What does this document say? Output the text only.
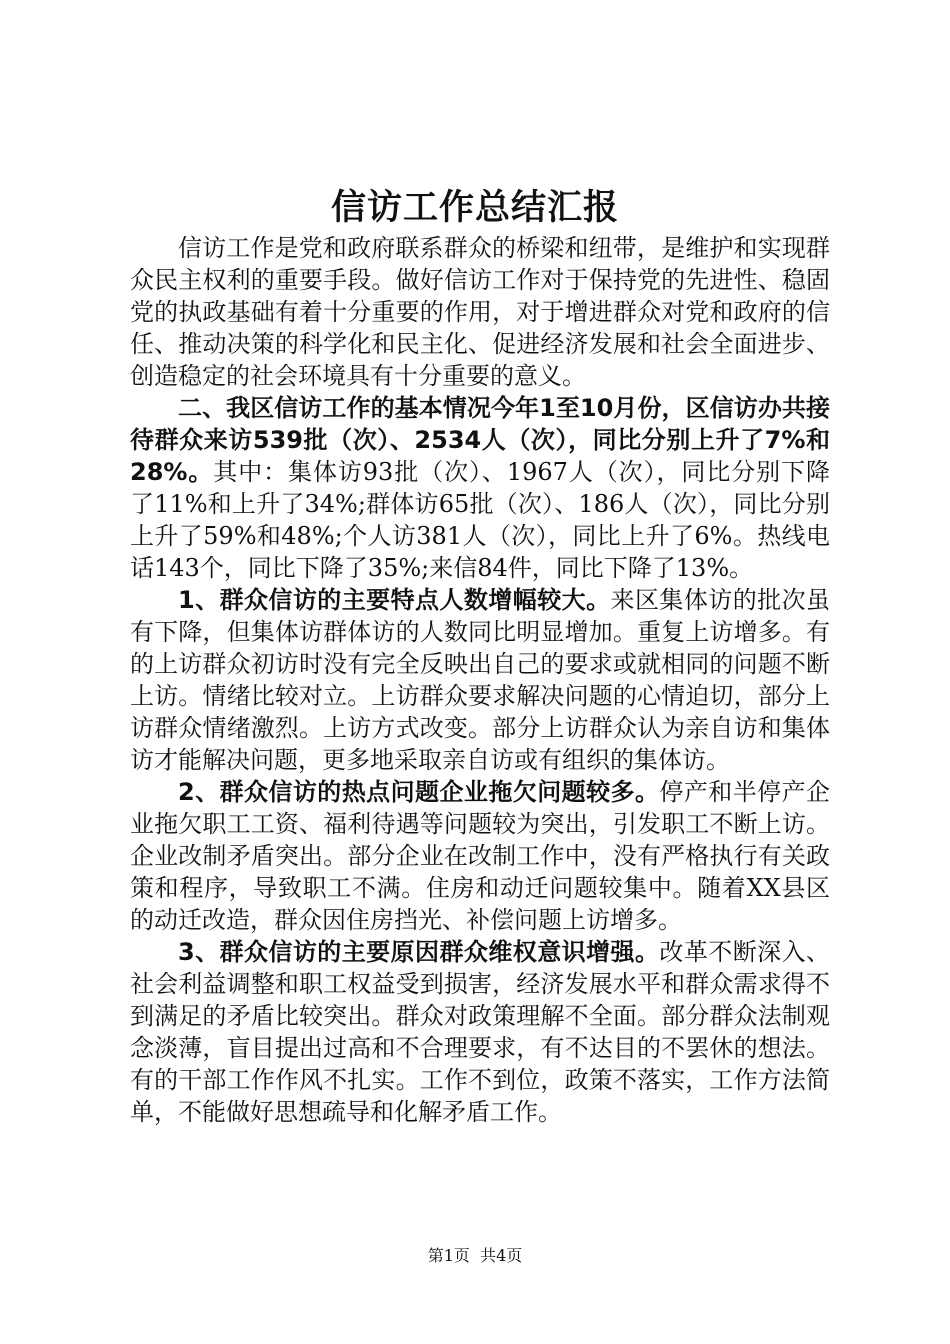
信访工作总结汇报

信访工作是党和政府联系群众的桥梁和纽带，是维护和实现群众民主权利的重要手段。做好信访工作对于保持党的先进性、稳固党的执政基础有着十分重要的作用，对于增进群众对党和政府的信任、推动决策的科学化和民主化、促进经济发展和社会全面进步、创造稳定的社会环境具有十分重要的意义。

二、我区信访工作的基本情况今年1至10月份，区信访办共接待群众来访539批（次）、2534人（次），同比分别上升了7%和28%。其中：集体访93批（次）、1967人（次），同比分别下降了11%和上升了34%;群体访65批（次）、186人（次），同比分别上升了59%和48%;个人访381人（次），同比上升了6%。热线电话143个，同比下降了35%;来信84件，同比下降了13%。

1、群众信访的主要特点人数增幅较大。来区集体访的批次虽有下降，但集体访群体访的人数同比明显增加。重复上访增多。有的上访群众初访时没有完全反映出自己的要求或就相同的问题不断上访。情绪比较对立。上访群众要求解决问题的心情迫切，部分上访群众情绪激烈。上访方式改变。部分上访群众认为亲自访和集体访才能解决问题，更多地采取亲自访或有组织的集体访。

2、群众信访的热点问题企业拖欠问题较多。停产和半停产企业拖欠职工工资、福利待遇等问题较为突出，引发职工不断上访。企业改制矛盾突出。部分企业在改制工作中，没有严格执行有关政策和程序，导致职工不满。住房和动迁问题较集中。随着XX县区的动迁改造，群众因住房挡光、补偿问题上访增多。

3、群众信访的主要原因群众维权意识增强。改革不断深入、社会利益调整和职工权益受到损害，经济发展水平和群众需求得不到满足的矛盾比较突出。群众对政策理解不全面。部分群众法制观念淡薄，盲目提出过高和不合理要求，有不达目的不罢休的想法。有的干部工作作风不扎实。工作不到位，政策不落实，工作方法简单，不能做好思想疏导和化解矛盾工作。

第1页 共4页
